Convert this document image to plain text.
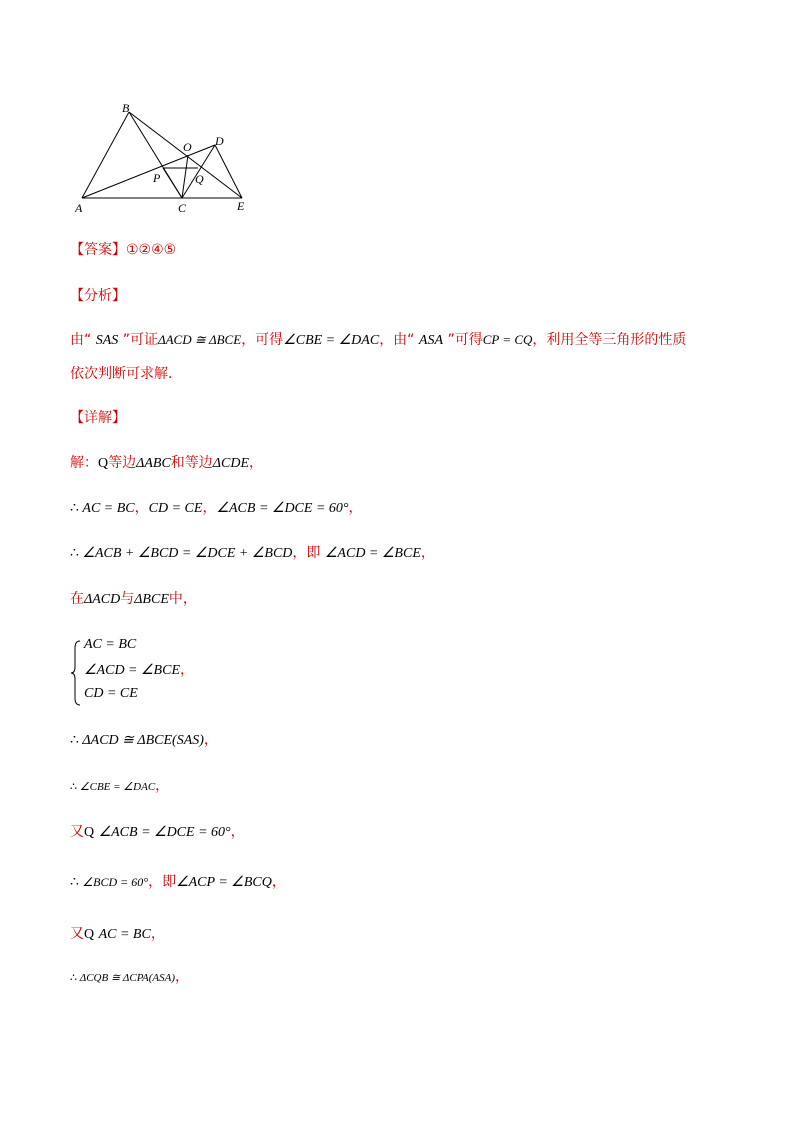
B
O D
P	Q
A	C	E
【答案】①②④⑤
【分析】
由“ SAS ”可证ΔACD ≅ ΔBCE，可得∠CBE = ∠DAC，由“ ASA ”可得CP = CQ，利用全等三角形的性质
依次判断可求解．
【详解】
解：Q等边ΔABC和等边ΔCDE，
∴ AC = BC，CD = CE，∠ACB = ∠DCE = 60°，
∴ ∠ACB + ∠BCD = ∠DCE + ∠BCD，即 ∠ACD = ∠BCE，
在ΔACD与ΔBCE中，
AC = BC
∠ACD = ∠BCE，
CD = CE
∴ ΔACD ≅ ΔBCE(SAS)，
∴ ∠CBE = ∠DAC，
又Q ∠ACB = ∠DCE = 60°，
∴ ∠BCD = 60°，即∠ACP = ∠BCQ，
又Q AC = BC，
∴ ΔCQB ≅ ΔCPA(ASA)，
